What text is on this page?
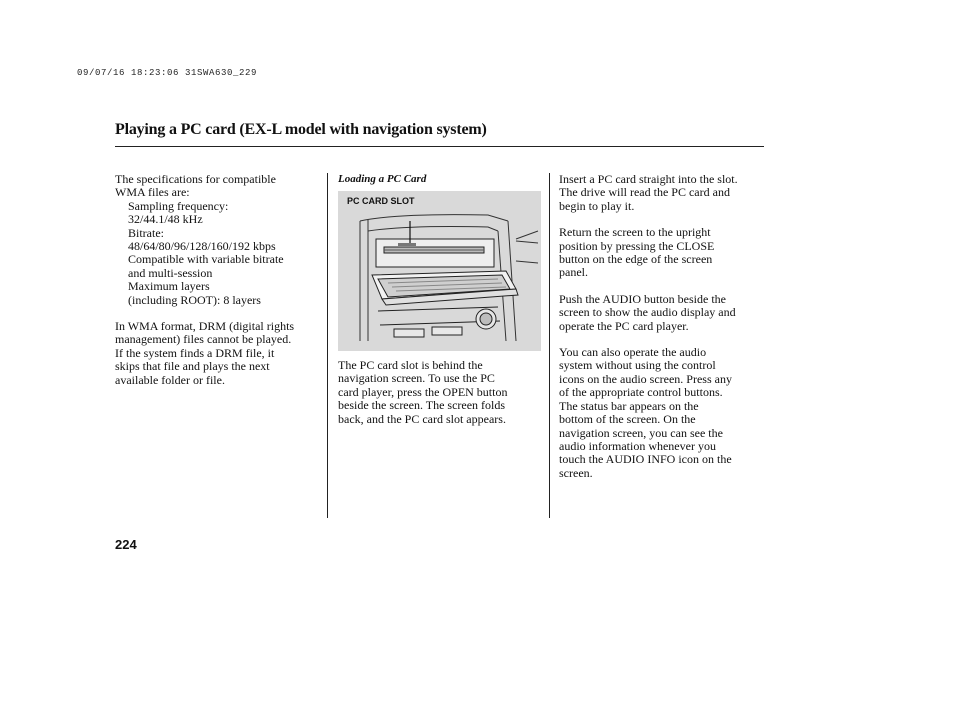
09/07/16 18:23:06 31SWA630_229
Playing a PC card (EX-L model with navigation system)

The specifications for compatible

WMA files are:

Sampling frequency:

32/44.1/48 kHz

Bitrate:

48/64/80/96/128/160/192 kbps

Compatible with variable bitrate

and multi-session

Maximum layers

(including ROOT): 8 layers

In WMA format, DRM (digital rights

management) files cannot be played.

If the system finds a DRM file, it

skips that file and plays the next

available folder or file.

Loading a PC Card
PC CARD SLOT

The PC card slot is behind the

navigation screen. To use the PC

card player, press the OPEN button

beside the screen. The screen folds

back, and the PC card slot appears.

Insert a PC card straight into the slot.

The drive will read the PC card and

begin to play it.

Return the screen to the upright

position by pressing the CLOSE

button on the edge of the screen

panel.

Push the AUDIO button beside the

screen to show the audio display and

operate the PC card player.

You can also operate the audio

system without using the control

icons on the audio screen. Press any

of the appropriate control buttons.

The status bar appears on the

bottom of the screen. On the

navigation screen, you can see the

audio information whenever you

touch the AUDIO INFO icon on the

screen.

224
